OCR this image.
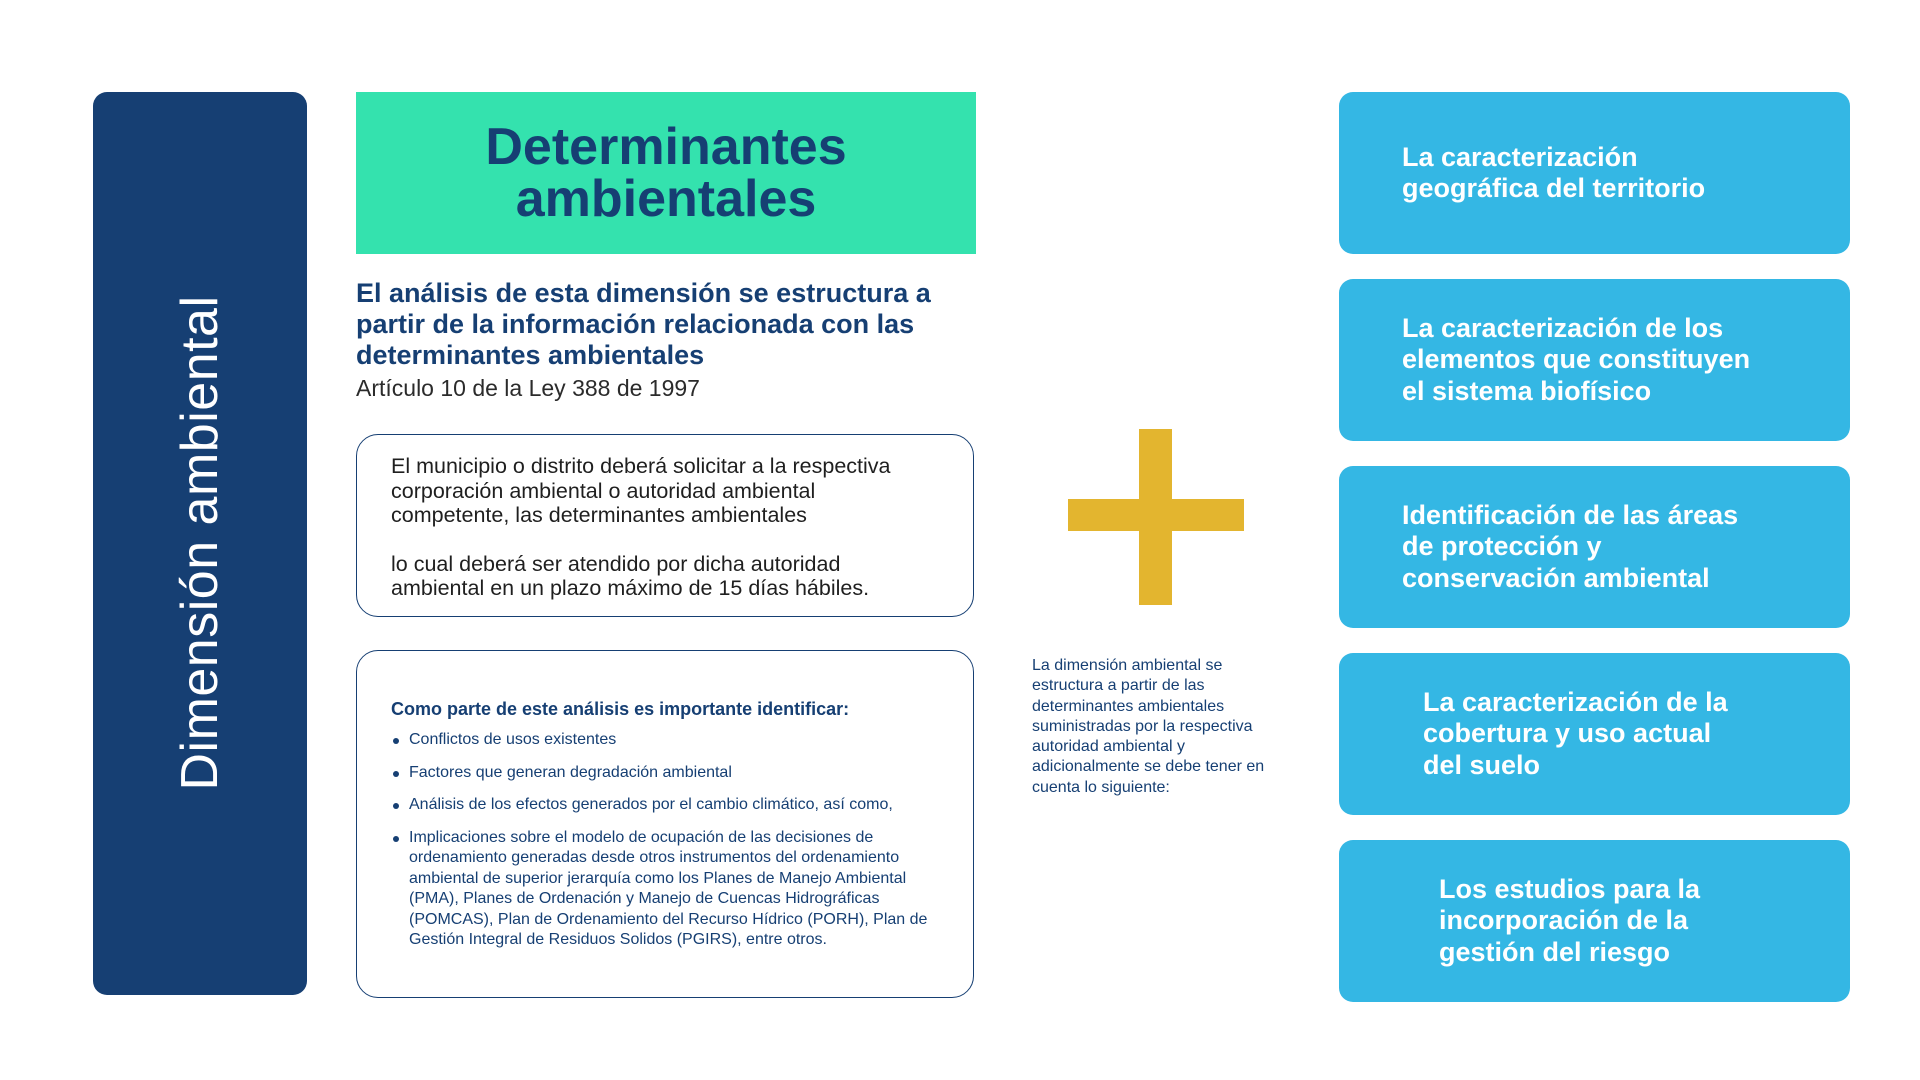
Dimensión ambiental
Determinantes ambientales
El análisis de esta dimensión se estructura a partir de la información relacionada con las determinantes ambientales
Artículo 10 de la Ley 388 de 1997

El municipio o distrito deberá solicitar a la respectiva corporación ambiental o autoridad ambiental competente, las determinantes ambientales

lo cual deberá ser atendido por dicha autoridad ambiental en un plazo máximo de 15 días hábiles.

Como parte de este análisis es importante identificar:
Conflictos de usos existentes
Factores que generan degradación ambiental
Análisis de los efectos generados por el cambio climático, así como,
Implicaciones sobre el modelo de ocupación de las decisiones de ordenamiento generadas desde otros instrumentos del ordenamiento ambiental de superior jerarquía como los Planes de Manejo Ambiental (PMA), Planes de Ordenación y Manejo de Cuencas Hidrográficas (POMCAS), Plan de Ordenamiento del Recurso Hídrico (PORH), Plan de Gestión Integral de Residuos Solidos (PGIRS), entre otros.
La dimensión ambiental se estructura a partir de las determinantes ambientales suministradas por la respectiva autoridad ambiental y adicionalmente se debe tener en cuenta lo siguiente:
La caracterización
geográfica del territorio
La caracterización de los
elementos que constituyen
el sistema biofísico
Identificación de las áreas
de protección y
conservación ambiental
La caracterización de la
cobertura y uso actual
del suelo
Los estudios para la
incorporación de la
gestión del riesgo
